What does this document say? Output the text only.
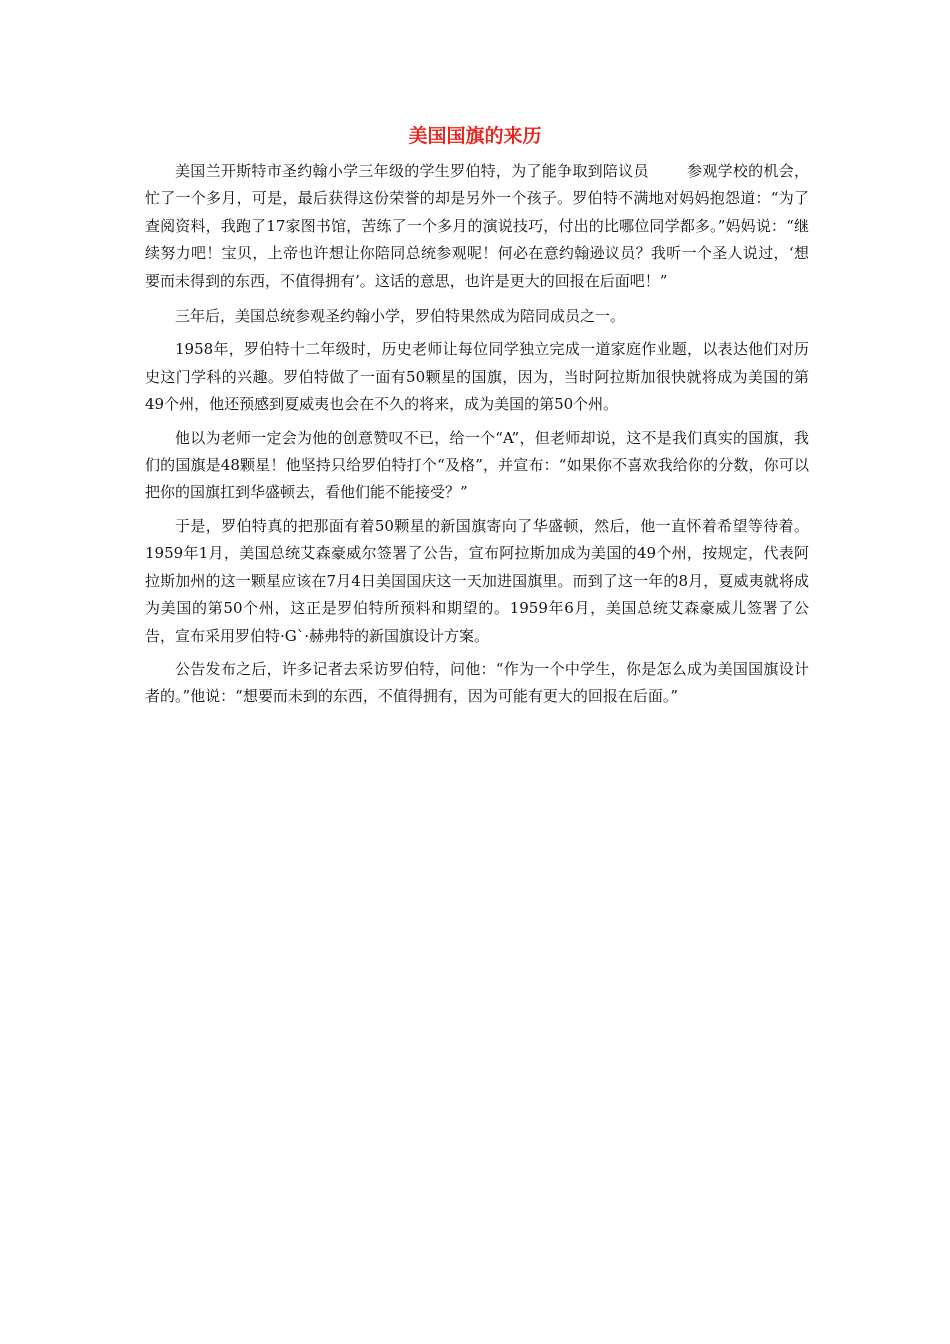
美国国旗的来历

美国兰开斯特市圣约翰小学三年级的学生罗伯特，为了能争取到陪议员	参观学校的机会，忙了一个多月，可是，最后获得这份荣誉的却是另外一个孩子。罗伯特不满地对妈妈抱怨道：“为了查阅资料，我跑了17家图书馆，苦练了一个多月的演说技巧，付出的比哪位同学都多。”妈妈说：“继续努力吧！宝贝，上帝也许想让你陪同总统参观呢！何必在意约翰逊议员？我听一个圣人说过，‘想要而未得到的东西，不值得拥有’。这话的意思，也许是更大的回报在后面吧！”

三年后，美国总统参观圣约翰小学，罗伯特果然成为陪同成员之一。

1958年，罗伯特十二年级时，历史老师让每位同学独立完成一道家庭作业题，以表达他们对历史这门学科的兴趣。罗伯特做了一面有50颗星的国旗，因为，当时阿拉斯加很快就将成为美国的第49个州，他还预感到夏威夷也会在不久的将来，成为美国的第50个州。

他以为老师一定会为他的创意赞叹不已，给一个“A”，但老师却说，这不是我们真实的国旗，我们的国旗是48颗星！他坚持只给罗伯特打个“及格”，并宣布：“如果你不喜欢我给你的分数，你可以把你的国旗扛到华盛顿去，看他们能不能接受？”

于是，罗伯特真的把那面有着50颗星的新国旗寄向了华盛顿，然后，他一直怀着希望等待着。1959年1月，美国总统艾森豪威尔签署了公告，宣布阿拉斯加成为美国的49个州，按规定，代表阿拉斯加州的这一颗星应该在7月4日美国国庆这一天加进国旗里。而到了这一年的8月，夏威夷就将成为美国的第50个州，这正是罗伯特所预料和期望的。1959年6月，美国总统艾森豪威儿签署了公告，宣布采用罗伯特·G`·赫弗特的新国旗设计方案。

公告发布之后，许多记者去采访罗伯特，问他：“作为一个中学生，你是怎么成为美国国旗设计者的。”他说：“想要而未到的东西，不值得拥有，因为可能有更大的回报在后面。”
